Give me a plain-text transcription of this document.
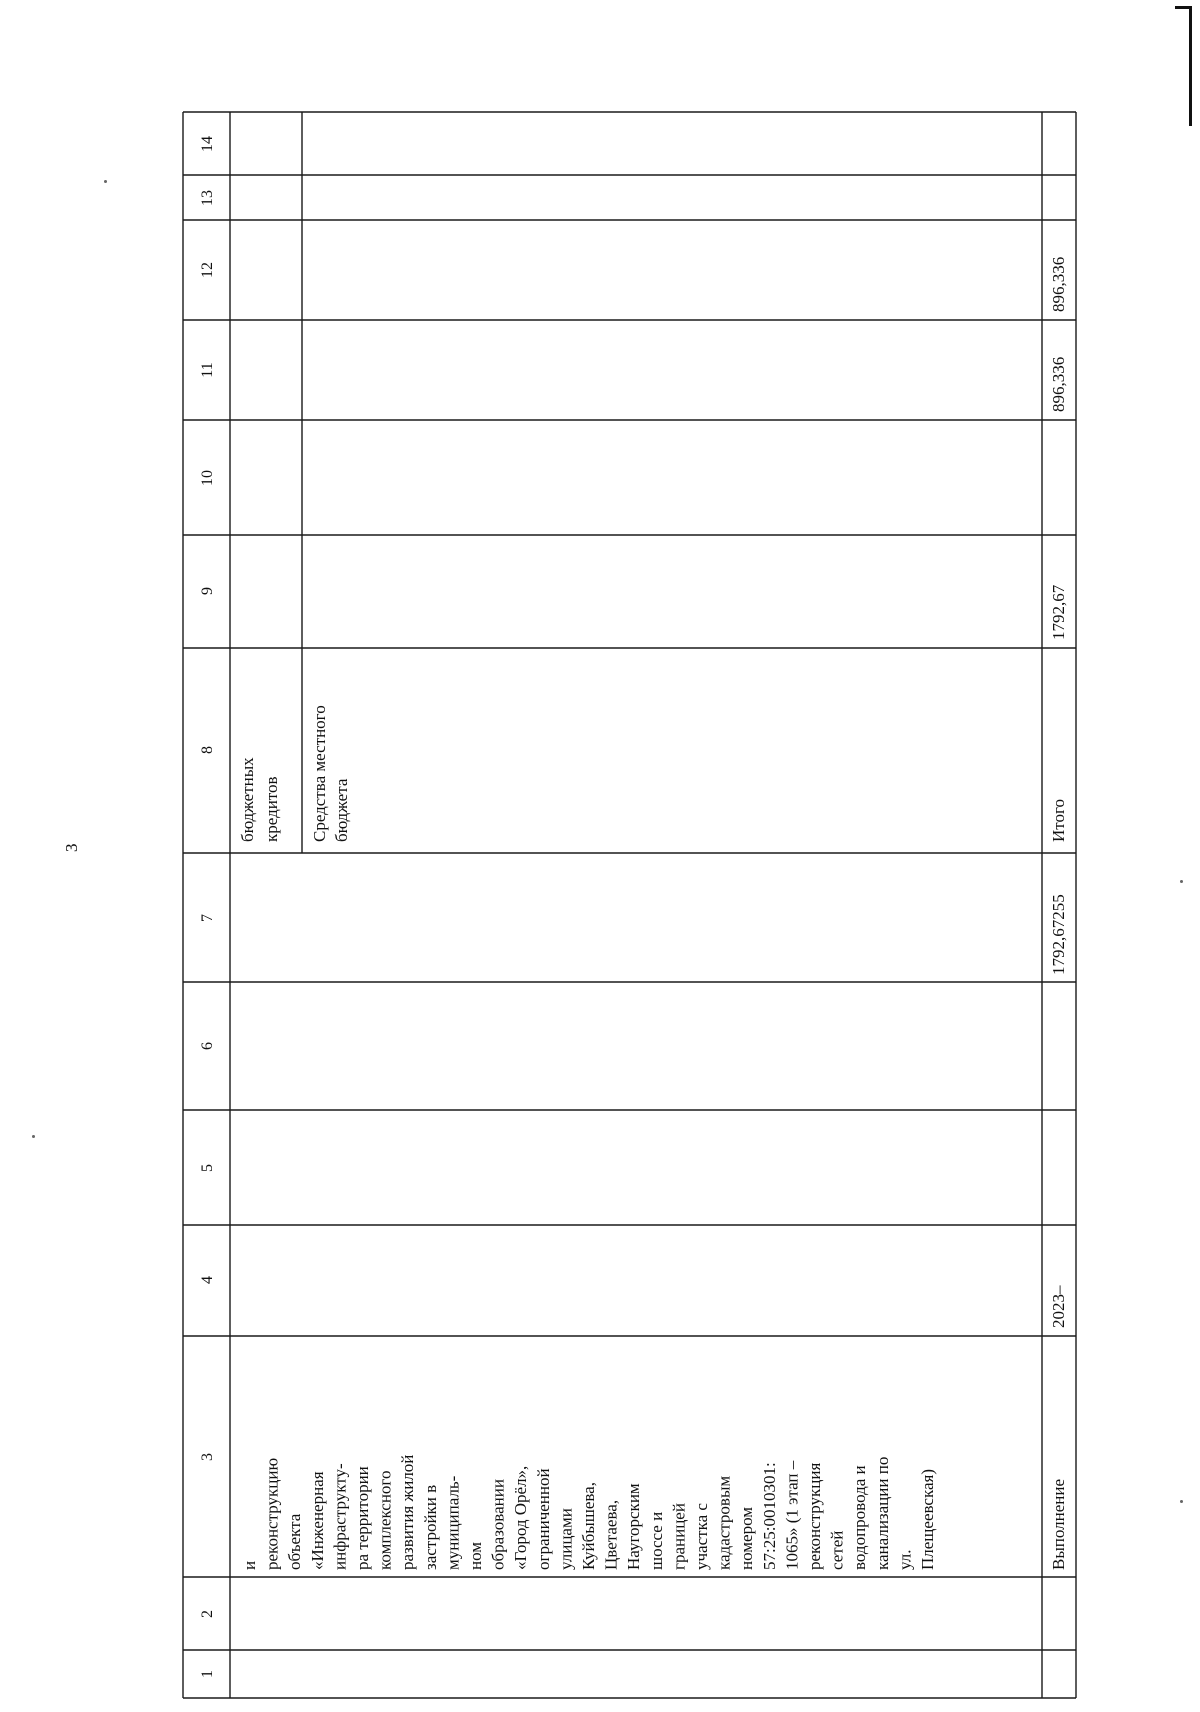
3
1
2
3
4
5
6
7
8
9
10
11
12
13
14
и реконструкцию объекта «Инженерная инфраструкту- ра территории комплексного развития жилой застройки в муниципаль- ном образовании «Город Орёл», ограниченной улицами Куйбышева, Цветаева, Наугорским шоссе и границей участка с кадастровым номером 57:25:0010301: 1065» (1 этап – реконструкция сетей водопровода и канализации по ул. Плещеевская)
бюджетных кредитов Средства местного бюджета
Выполнение
2023–
1792,67255
Итого
1792,67
896,336
896,336
